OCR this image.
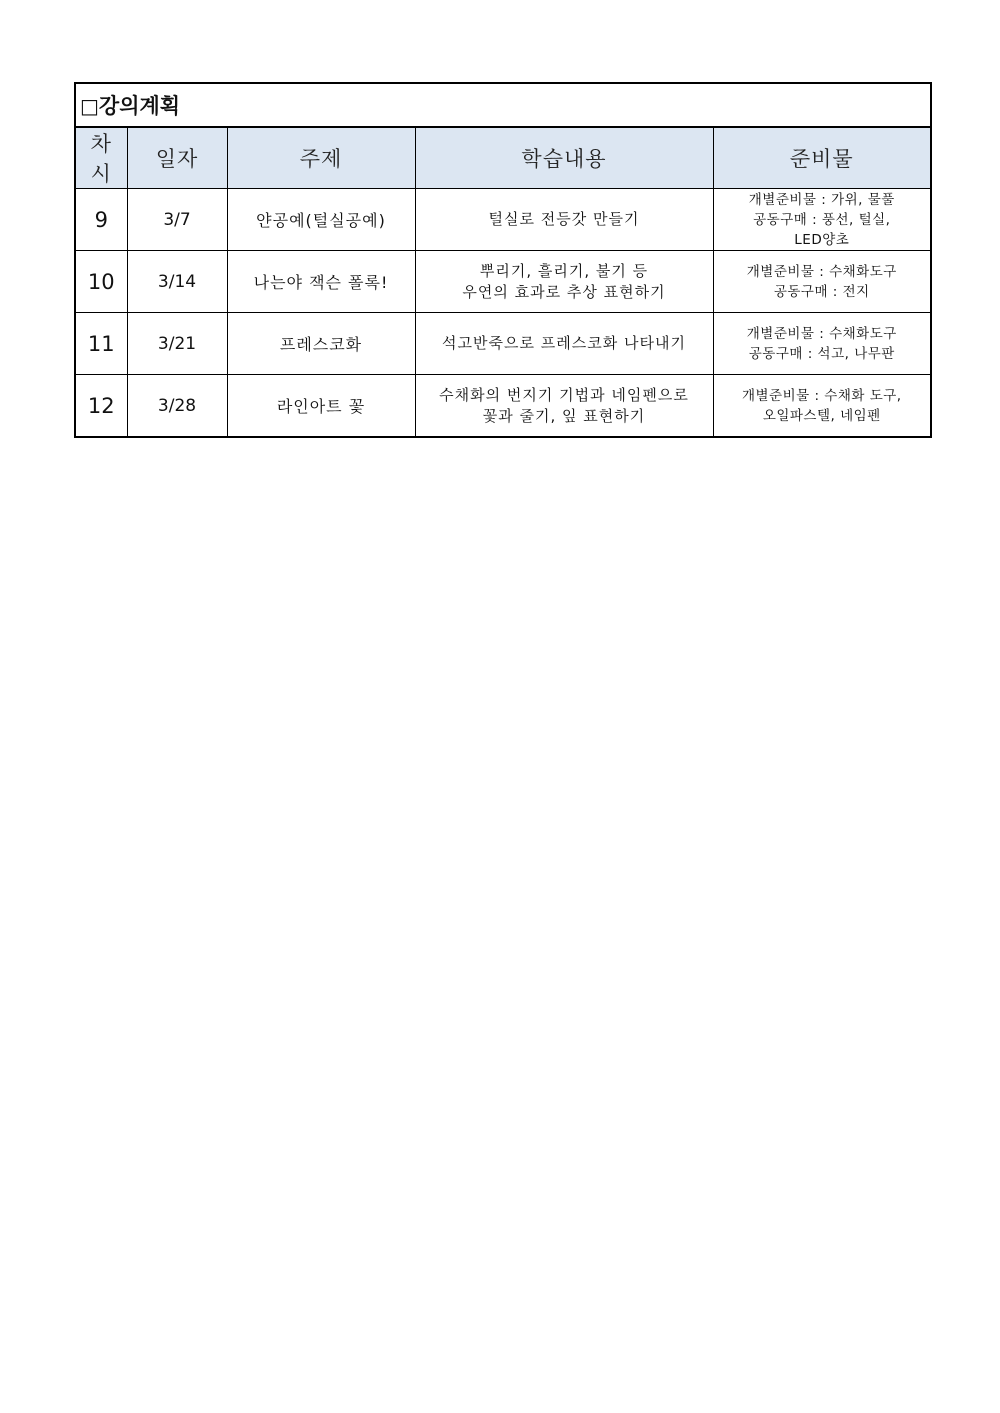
□강의계획				
차시	일자	주제	학습내용	준비물
9	3/7	얀공예(털실공예)	털실로 전등갓 만들기	개별준비물 : 가위, 물풀
공동구매 : 풍선, 털실,
LED양초

10	3/14	나는야 잭슨 폴록!	뿌리기, 흘리기, 불기 등
우연의 효과로 추상 표현하기	개별준비물 : 수채화도구
공동구매 : 전지

11	3/21	프레스코화	석고반죽으로 프레스코화 나타내기	개별준비물 : 수채화도구
공동구매 : 석고, 나무판

12	3/28	라인아트 꽃	수채화의 번지기 기법과 네임펜으로
꽃과 줄기, 잎 표현하기	개별준비물 : 수채화 도구,
오일파스텔, 네임펜
